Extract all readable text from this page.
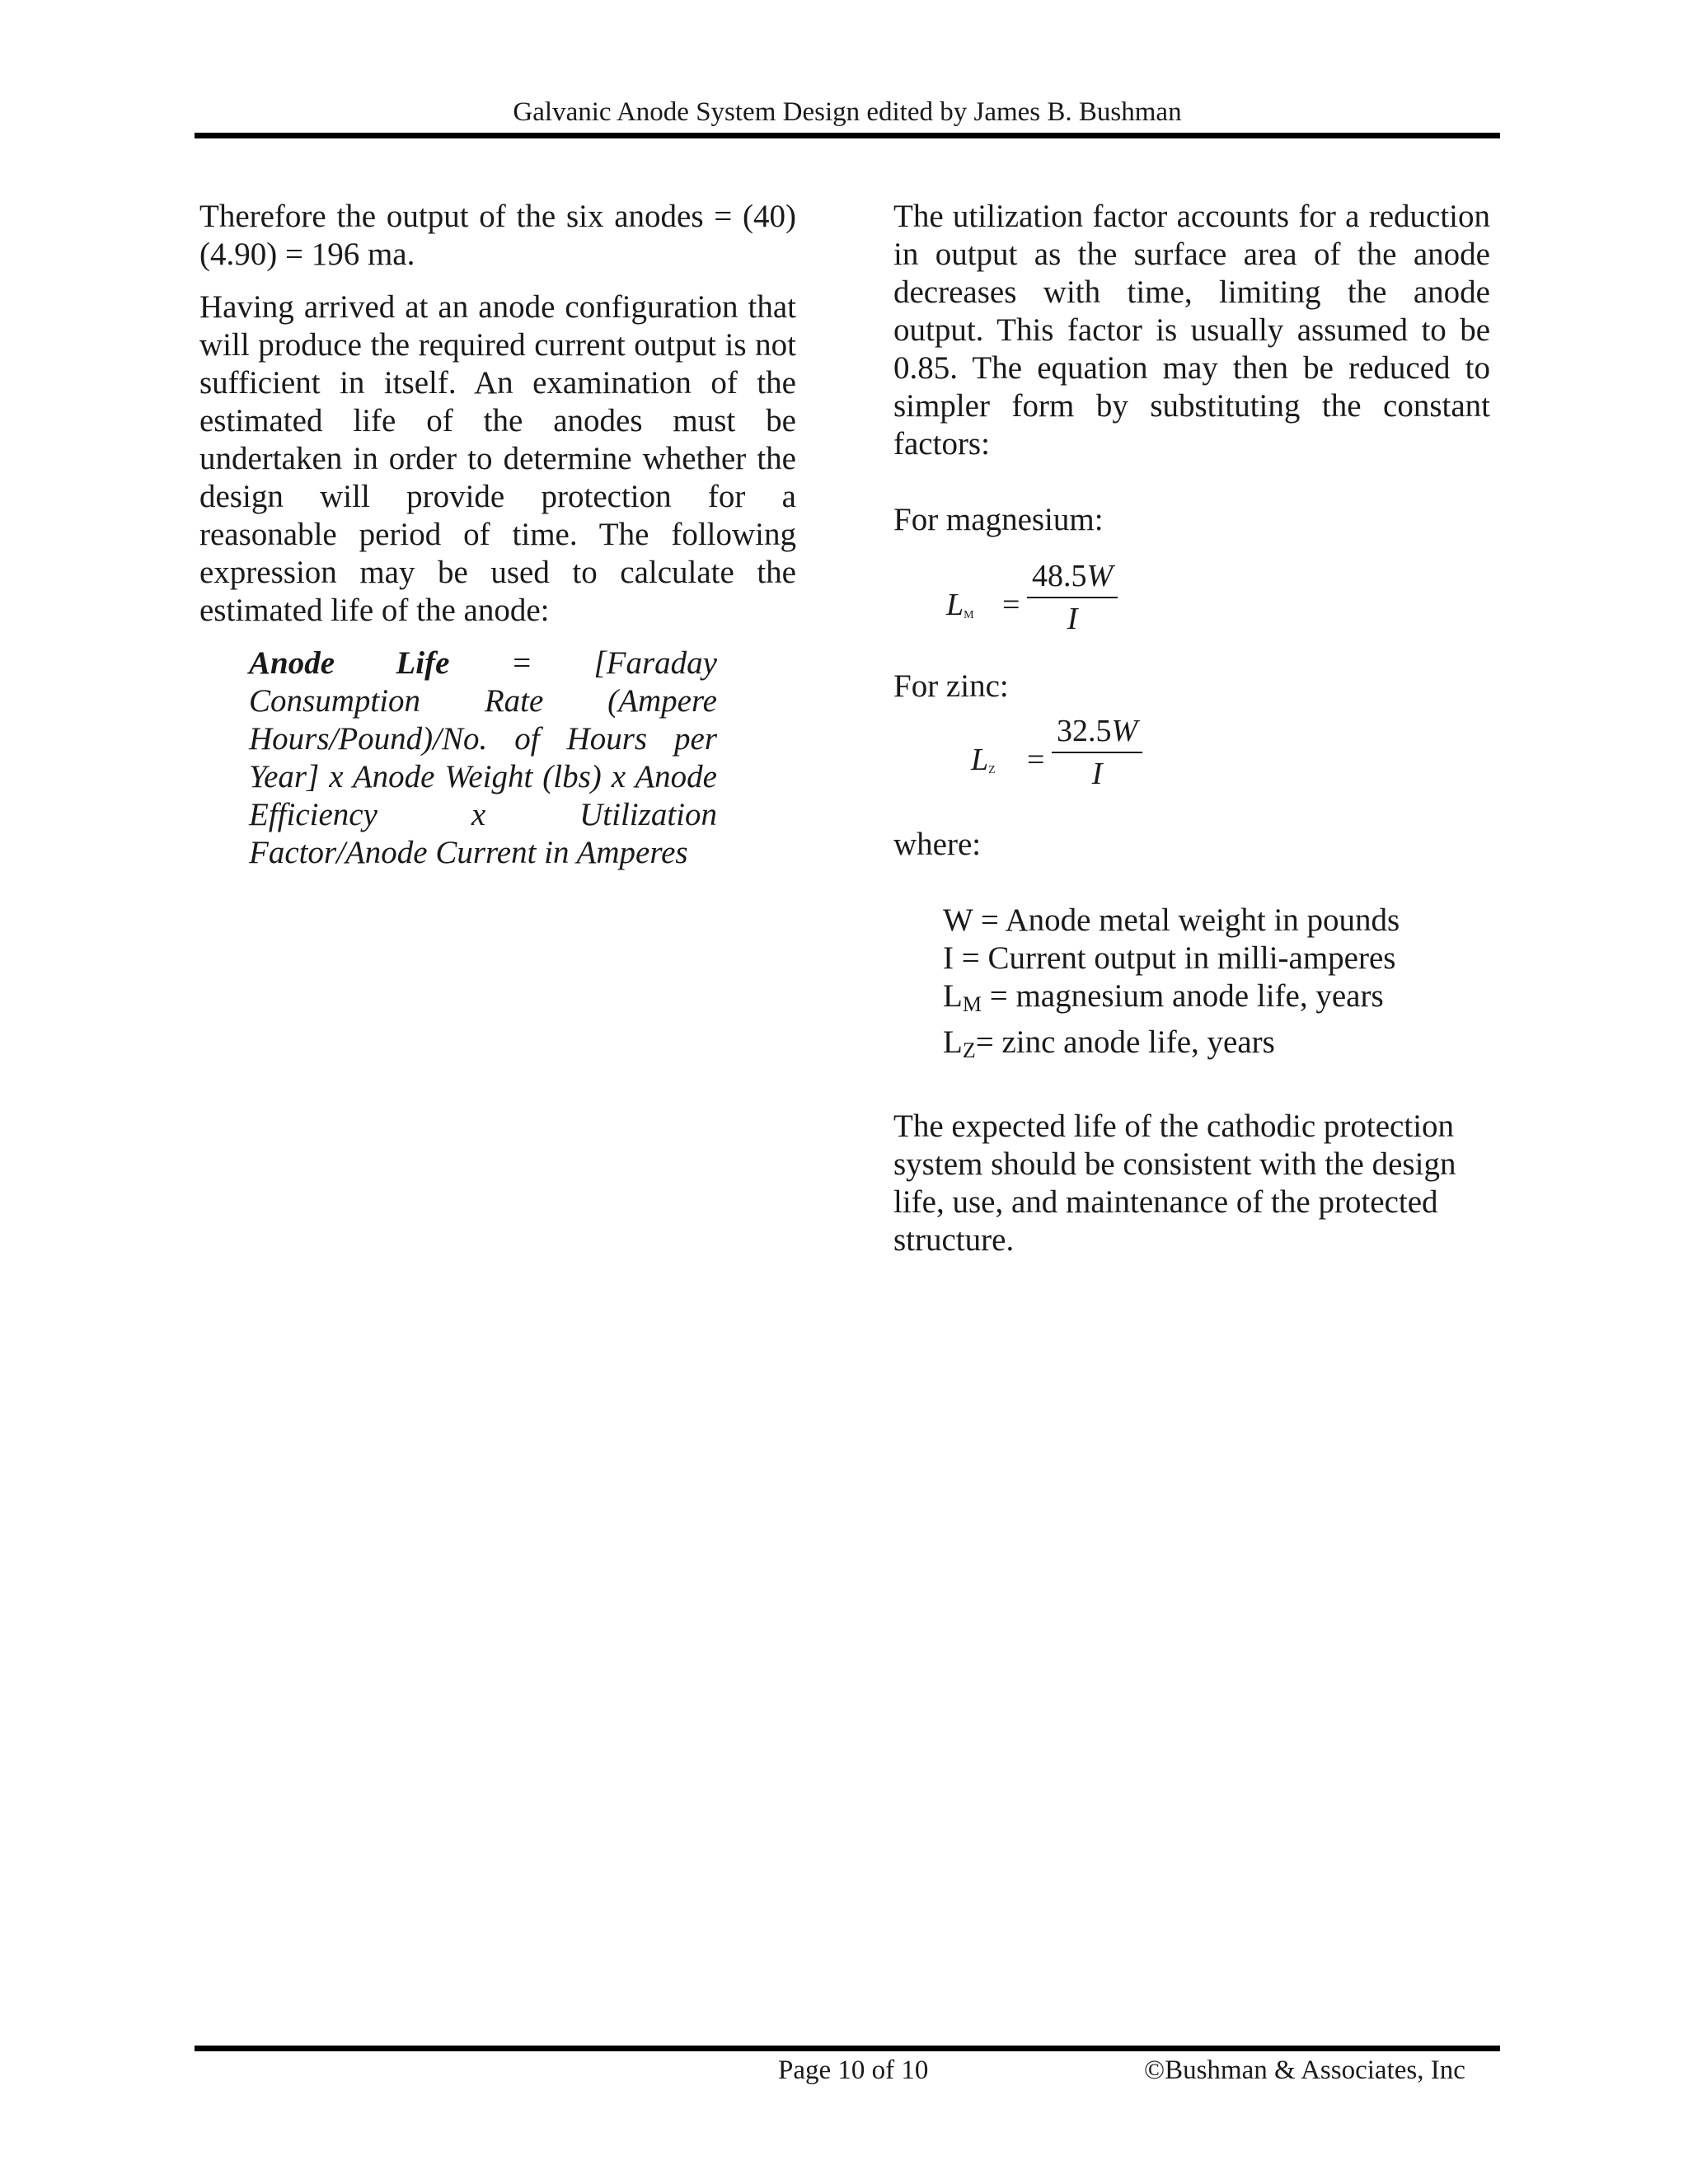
Galvanic Anode System Design edited by James B. Bushman

Therefore the output of the six anodes = (40)(4.90) = 196 ma.

Having arrived at an anode configuration that will produce the required current output is not sufficient in itself. An examination of the estimated life of the anodes must be undertaken in order to determine whether the design will provide protection for a reasonable period of time. The following expression may be used to calculate the estimated life of the anode:

Anode Life = [Faraday Consumption Rate (Ampere Hours/Pound)/No. of Hours per Year] x Anode Weight (lbs) x Anode Efficiency x Utilization Factor/Anode Current in Amperes

The utilization factor accounts for a reduction in output as the surface area of the anode decreases with time, limiting the anode output. This factor is usually assumed to be 0.85. The equation may then be reduced to simpler form by substituting the constant factors:

For magnesium:

$L_M$ =
48.5W
I

For zinc:

$L_Z$ =
32.5W
I

where:

W = Anode metal weight in pounds

I = Current output in milli-amperes

$L_M$ = magnesium anode life, years

$L_Z=$ zinc anode life, years

The expected life of the cathodic protection system should be consistent with the design life, use, and maintenance of the protected structure.

Page 10 of 10	©Bushman & Associates, Inc
